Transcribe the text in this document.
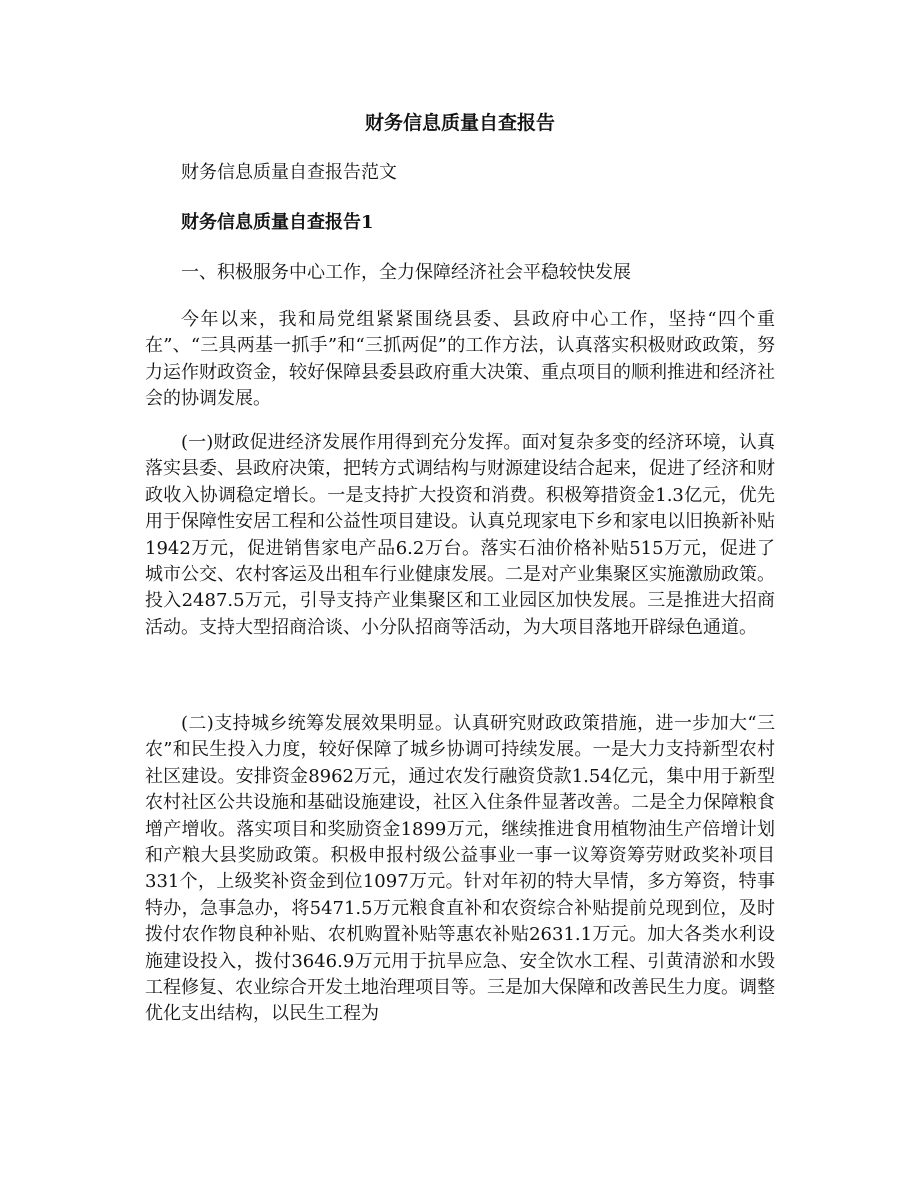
财务信息质量自查报告
财务信息质量自查报告范文
财务信息质量自查报告1
一、积极服务中心工作，全力保障经济社会平稳较快发展

今年以来，我和局党组紧紧围绕县委、县政府中心工作，坚持“四个重在”、“三具两基一抓手”和“三抓两促”的工作方法，认真落实积极财政政策，努力运作财政资金，较好保障县委县政府重大决策、重点项目的顺利推进和经济社会的协调发展。

(一)财政促进经济发展作用得到充分发挥。面对复杂多变的经济环境，认真落实县委、县政府决策，把转方式调结构与财源建设结合起来，促进了经济和财政收入协调稳定增长。一是支持扩大投资和消费。积极筹措资金1.3亿元，优先用于保障性安居工程和公益性项目建设。认真兑现家电下乡和家电以旧换新补贴1942万元，促进销售家电产品6.2万台。落实石油价格补贴515万元，促进了城市公交、农村客运及出租车行业健康发展。二是对产业集聚区实施激励政策。投入2487.5万元，引导支持产业集聚区和工业园区加快发展。三是推进大招商活动。支持大型招商洽谈、小分队招商等活动，为大项目落地开辟绿色通道。

(二)支持城乡统筹发展效果明显。认真研究财政政策措施，进一步加大“三农”和民生投入力度，较好保障了城乡协调可持续发展。一是大力支持新型农村社区建设。安排资金8962万元，通过农发行融资贷款1.54亿元，集中用于新型农村社区公共设施和基础设施建设，社区入住条件显著改善。二是全力保障粮食增产增收。落实项目和奖励资金1899万元，继续推进食用植物油生产倍增计划和产粮大县奖励政策。积极申报村级公益事业一事一议筹资筹劳财政奖补项目331个，上级奖补资金到位1097万元。针对年初的特大旱情，多方筹资，特事特办，急事急办，将5471.5万元粮食直补和农资综合补贴提前兑现到位，及时拨付农作物良种补贴、农机购置补贴等惠农补贴2631.1万元。加大各类水利设施建设投入，拨付3646.9万元用于抗旱应急、安全饮水工程、引黄清淤和水毁工程修复、农业综合开发土地治理项目等。三是加大保障和改善民生力度。调整优化支出结构，以民生工程为
